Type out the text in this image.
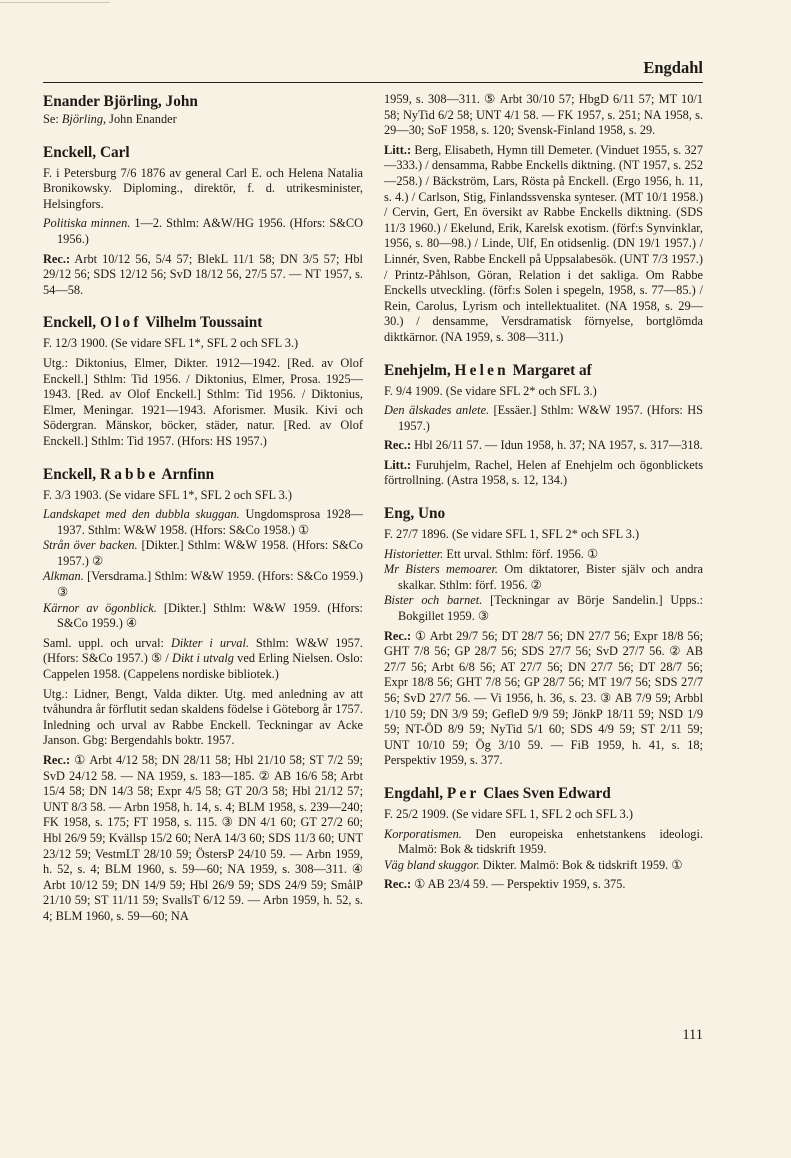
Engdahl
Enander Björling, John

Se: Björling, John Enander

Enckell, Carl

F. i Petersburg 7/6 1876 av general Carl E. och Helena Natalia Bronikowsky. Diploming., direktör, f. d. utrikesminister, Helsingfors.

Politiska minnen. 1—2. Sthlm: A&W/HG 1956. (Hfors: S&CO 1956.)

Rec.: Arbt 10/12 56, 5/4 57; BlekL 11/1 58; DN 3/5 57; Hbl 29/12 56; SDS 12/12 56; SvD 18/12 56, 27/5 57. — NT 1957, s. 54—58.

Enckell, Olof Vilhelm Toussaint

F. 12/3 1900. (Se vidare SFL 1*, SFL 2 och SFL 3.)

Utg.: Diktonius, Elmer, Dikter. 1912—1942. [Red. av Olof Enckell.] Sthlm: Tid 1956. / Diktonius, Elmer, Prosa. 1925—1943. [Red. av Olof Enckell.] Sthlm: Tid 1956. / Diktonius, Elmer, Meningar. 1921—1943. Aforismer. Musik. Kivi och Södergran. Mänskor, böcker, städer, natur. [Red. av Olof Enckell.] Sthlm: Tid 1957. (Hfors: HS 1957.)

Enckell, Rabbe Arnfinn

F. 3/3 1903. (Se vidare SFL 1*, SFL 2 och SFL 3.)

Landskapet med den dubbla skuggan. Ungdomsprosa 1928—1937. Sthlm: W&W 1958. (Hfors: S&Co 1958.) ①

Strån över backen. [Dikter.] Sthlm: W&W 1958. (Hfors: S&Co 1957.) ②

Alkman. [Versdrama.] Sthlm: W&W 1959. (Hfors: S&Co 1959.) ③

Kärnor av ögonblick. [Dikter.] Sthlm: W&W 1959. (Hfors: S&Co 1959.) ④

Saml. uppl. och urval: Dikter i urval. Sthlm: W&W 1957. (Hfors: S&Co 1957.) ⑤ / Dikt i utvalg ved Erling Nielsen. Oslo: Cappelen 1958. (Cappelens nordiske bibliotek.)

Utg.: Lidner, Bengt, Valda dikter. Utg. med anledning av att tvåhundra år förflutit sedan skaldens födelse i Göteborg år 1757. Inledning och urval av Rabbe Enckell. Teckningar av Acke Janson. Gbg: Bergendahls boktr. 1957.

Rec.: ① Arbt 4/12 58; DN 28/11 58; Hbl 21/10 58; ST 7/2 59; SvD 24/12 58. — NA 1959, s. 183—185. ② AB 16/6 58; Arbt 15/4 58; DN 14/3 58; Expr 4/5 58; GT 20/3 58; Hbl 21/12 57; UNT 8/3 58. — Arbn 1958, h. 14, s. 4; BLM 1958, s. 239—240; FK 1958, s. 175; FT 1958, s. 115. ③ DN 4/1 60; GT 27/2 60; Hbl 26/9 59; Kvällsp 15/2 60; NerA 14/3 60; SDS 11/3 60; UNT 23/12 59; VestmLT 28/10 59; ÖstersP 24/10 59. — Arbn 1959, h. 52, s. 4; BLM 1960, s. 59—60; NA 1959, s. 308—311. ④ Arbt 10/12 59; DN 14/9 59; Hbl 26/9 59; SDS 24/9 59; SmålP 21/10 59; ST 11/11 59; SvallsT 6/12 59. — Arbn 1959, h. 52, s. 4; BLM 1960, s. 59—60; NA

1959, s. 308—311. ⑤ Arbt 30/10 57; HbgD 6/11 57; MT 10/1 58; NyTid 6/2 58; UNT 4/1 58. — FK 1957, s. 251; NA 1958, s. 29—30; SoF 1958, s. 120; Svensk-Finland 1958, s. 29.

Litt.: Berg, Elisabeth, Hymn till Demeter. (Vinduet 1955, s. 327—333.) / densamma, Rabbe Enckells diktning. (NT 1957, s. 252—258.) / Bäckström, Lars, Rösta på Enckell. (Ergo 1956, h. 11, s. 4.) / Carlson, Stig, Finlandssvenska synteser. (MT 10/1 1958.) / Cervin, Gert, En översikt av Rabbe Enckells diktning. (SDS 11/3 1960.) / Ekelund, Erik, Karelsk exotism. (förf:s Synvinklar, 1956, s. 80—98.) / Linde, Ulf, En otidsenlig. (DN 19/1 1957.) / Linnér, Sven, Rabbe Enckell på Uppsalabesök. (UNT 7/3 1957.) / Printz-Påhlson, Göran, Relation i det sakliga. Om Rabbe Enckells utveckling. (förf:s Solen i spegeln, 1958, s. 77—85.) / Rein, Carolus, Lyrism och intellektualitet. (NA 1958, s. 29—30.) / densamme, Versdramatisk förnyelse, bortglömda diktkärnor. (NA 1959, s. 308—311.)

Enehjelm, Helen Margaret af

F. 9/4 1909. (Se vidare SFL 2* och SFL 3.)

Den älskades anlete. [Essäer.] Sthlm: W&W 1957. (Hfors: HS 1957.)

Rec.: Hbl 26/11 57. — Idun 1958, h. 37; NA 1957, s. 317—318.

Litt.: Furuhjelm, Rachel, Helen af Enehjelm och ögonblickets förtrollning. (Astra 1958, s. 12, 134.)

Eng, Uno

F. 27/7 1896. (Se vidare SFL 1, SFL 2* och SFL 3.)

Historietter. Ett urval. Sthlm: förf. 1956. ①

Mr Bisters memoarer. Om diktatorer, Bister själv och andra skalkar. Sthlm: förf. 1956. ②

Bister och barnet. [Teckningar av Börje Sandelin.] Upps.: Bokgillet 1959. ③

Rec.: ① Arbt 29/7 56; DT 28/7 56; DN 27/7 56; Expr 18/8 56; GHT 7/8 56; GP 28/7 56; SDS 27/7 56; SvD 27/7 56. ② AB 27/7 56; Arbt 6/8 56; AT 27/7 56; DN 27/7 56; DT 28/7 56; Expr 18/8 56; GHT 7/8 56; GP 28/7 56; MT 19/7 56; SDS 27/7 56; SvD 27/7 56. — Vi 1956, h. 36, s. 23. ③ AB 7/9 59; Arbbl 1/10 59; DN 3/9 59; GefleD 9/9 59; JönkP 18/11 59; NSD 1/9 59; NT-ÖD 8/9 59; NyTid 5/1 60; SDS 4/9 59; ST 2/11 59; UNT 10/10 59; Ög 3/10 59. — FiB 1959, h. 41, s. 18; Perspektiv 1959, s. 377.

Engdahl, Per Claes Sven Edward

F. 25/2 1909. (Se vidare SFL 1, SFL 2 och SFL 3.)

Korporatismen. Den europeiska enhetstankens ideologi. Malmö: Bok & tidskrift 1959.

Väg bland skuggor. Dikter. Malmö: Bok & tidskrift 1959. ①

Rec.: ① AB 23/4 59. — Perspektiv 1959, s. 375.

111
